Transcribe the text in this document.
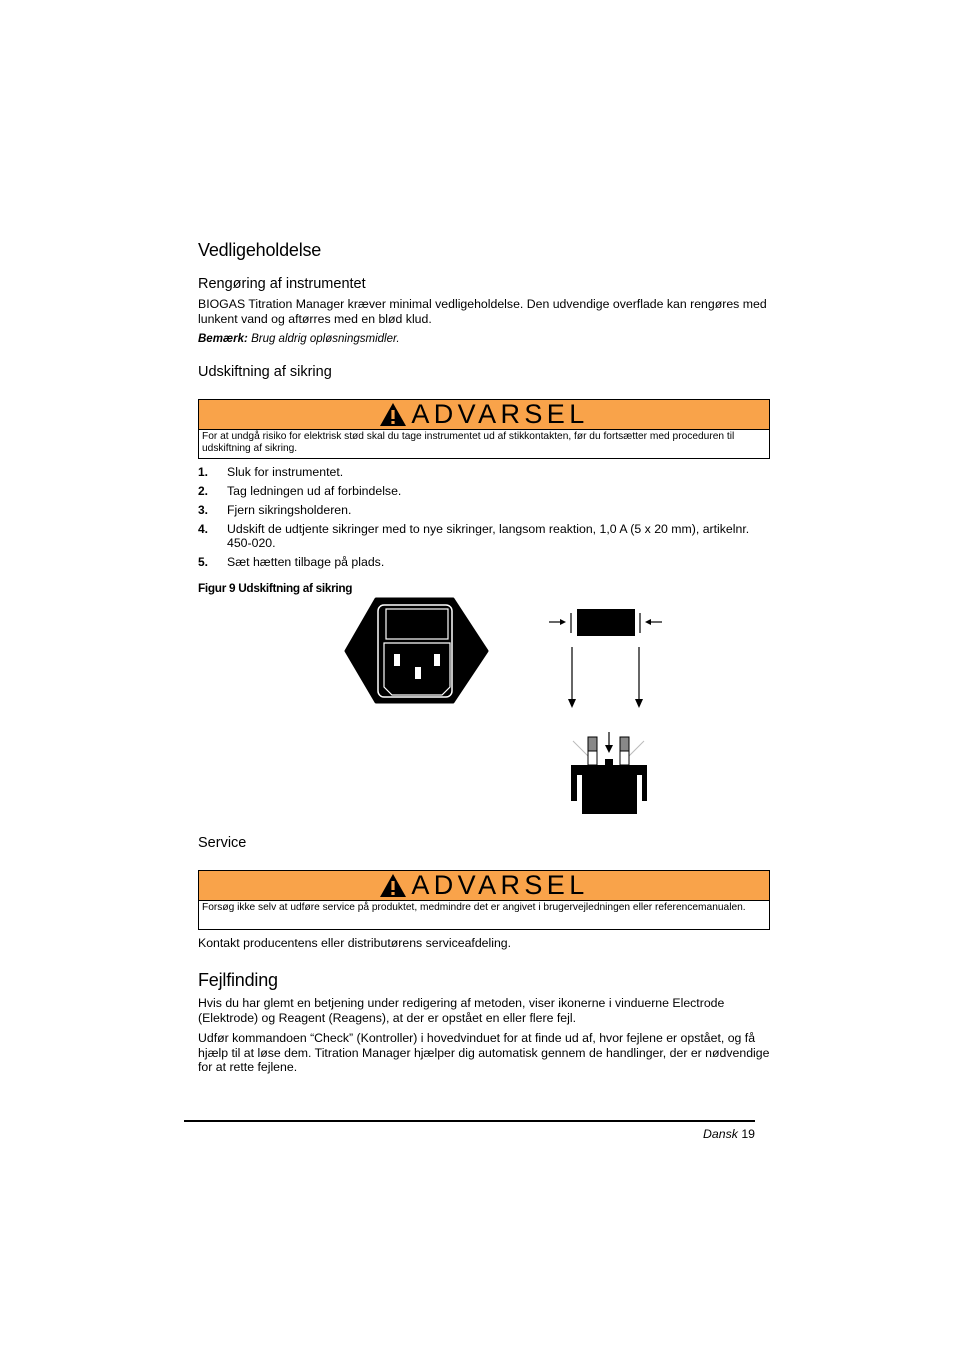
Vedligeholdelse
Rengøring af instrumentet

BIOGAS Titration Manager kræver minimal vedligeholdelse. Den udvendige overflade kan rengøres med lunkent vand og aftørres med en blød klud.

Bemærk: Brug aldrig opløsningsmidler.
Udskiftning af sikring
ADVARSEL
For at undgå risiko for elektrisk stød skal du tage instrumentet ud af stikkontakten, før du fortsætter med proceduren til udskiftning af sikring.
1.	Sluk for instrumentet.
2.	Tag ledningen ud af forbindelse.
3.	Fjern sikringsholderen.
4.	Udskift de udtjente sikringer med to nye sikringer, langsom reaktion, 1,0 A (5 x 20 mm), artikelnr. 450-020.
5.	Sæt hætten tilbage på plads.
Figur 9 Udskiftning af sikring
Service
ADVARSEL
Forsøg ikke selv at udføre service på produktet, medmindre det er angivet i brugervejledningen eller referencemanualen.

Kontakt producentens eller distributørens serviceafdeling.

Fejlfinding

Hvis du har glemt en betjening under redigering af metoden, viser ikonerne i vinduerne Electrode (Elektrode) og Reagent (Reagens), at der er opstået en eller flere fejl.

Udfør kommandoen “Check” (Kontroller) i hovedvinduet for at finde ud af, hvor fejlene er opstået, og få hjælp til at løse dem. Titration Manager hjælper dig automatisk gennem de handlinger, der er nødvendige for at rette fejlene.

Dansk 19
